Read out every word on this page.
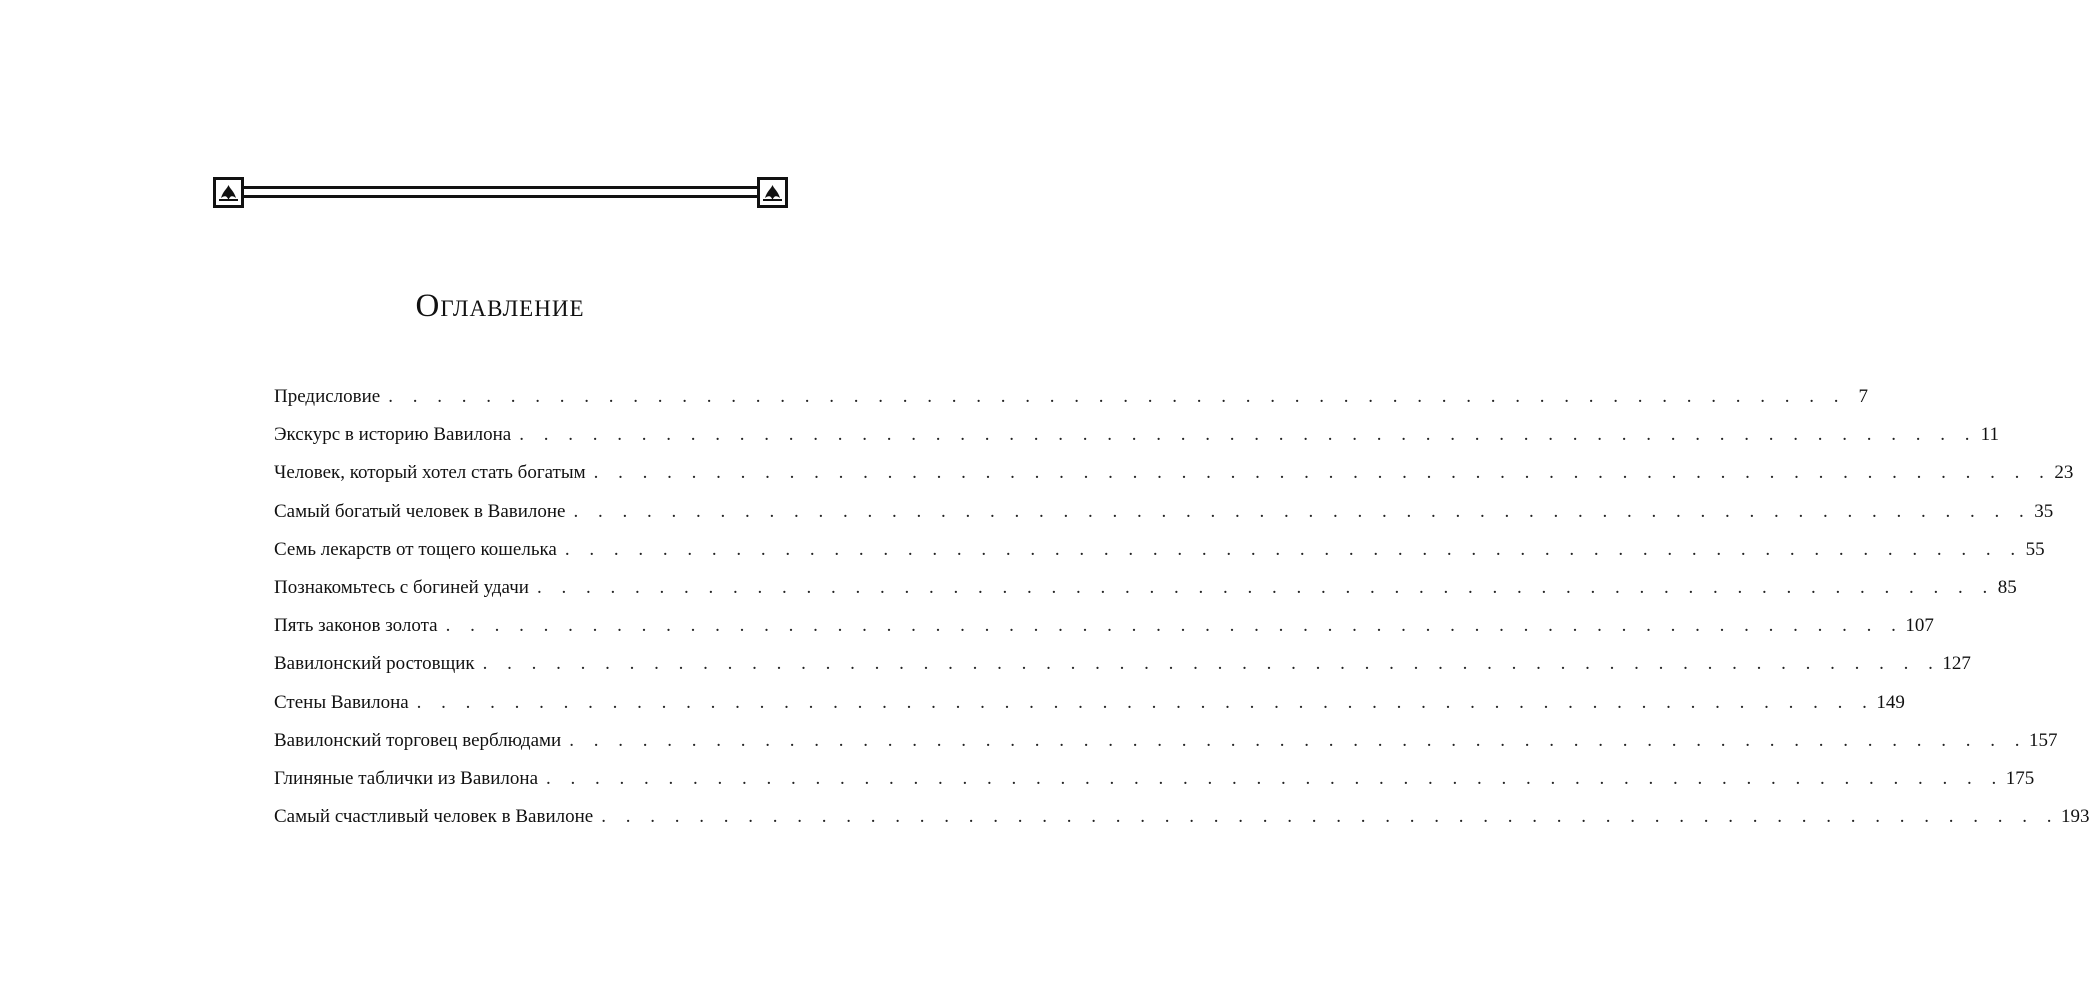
Оглавление
Предисловие . . . . . . . . . . . . . . . . . . . . . . . . . . . . . . . . . . . . . . . . . . . . . . . . . . . . . . . . . . . . 7
Экскурс в историю Вавилона . . . . . . . . . . . . . . . . . . . . . . . . . . . . . . . . . . . . . . . . . . . . . . . . . . . . . . . . . . . . 11
Человек, который хотел стать богатым . . . . . . . . . . . . . . . . . . . . . . . . . . . . . . . . . . . . . . . . . . . . . . . . . . . . . . . . . . . . 23
Самый богатый человек в Вавилоне . . . . . . . . . . . . . . . . . . . . . . . . . . . . . . . . . . . . . . . . . . . . . . . . . . . . . . . . . . . . 35
Семь лекарств от тощего кошелька . . . . . . . . . . . . . . . . . . . . . . . . . . . . . . . . . . . . . . . . . . . . . . . . . . . . . . . . . . . . 55
Познакомьтесь с богиней удачи . . . . . . . . . . . . . . . . . . . . . . . . . . . . . . . . . . . . . . . . . . . . . . . . . . . . . . . . . . . . 85
Пять законов золота . . . . . . . . . . . . . . . . . . . . . . . . . . . . . . . . . . . . . . . . . . . . . . . . . . . . . . . . . . . . 107
Вавилонский ростовщик . . . . . . . . . . . . . . . . . . . . . . . . . . . . . . . . . . . . . . . . . . . . . . . . . . . . . . . . . . . . 127
Стены Вавилона . . . . . . . . . . . . . . . . . . . . . . . . . . . . . . . . . . . . . . . . . . . . . . . . . . . . . . . . . . . . 149
Вавилонский торговец верблюдами . . . . . . . . . . . . . . . . . . . . . . . . . . . . . . . . . . . . . . . . . . . . . . . . . . . . . . . . . . . . 157
Глиняные таблички из Вавилона . . . . . . . . . . . . . . . . . . . . . . . . . . . . . . . . . . . . . . . . . . . . . . . . . . . . . . . . . . . . 175
Самый счастливый человек в Вавилоне . . . . . . . . . . . . . . . . . . . . . . . . . . . . . . . . . . . . . . . . . . . . . . . . . . . . . . . . . . . . 193
